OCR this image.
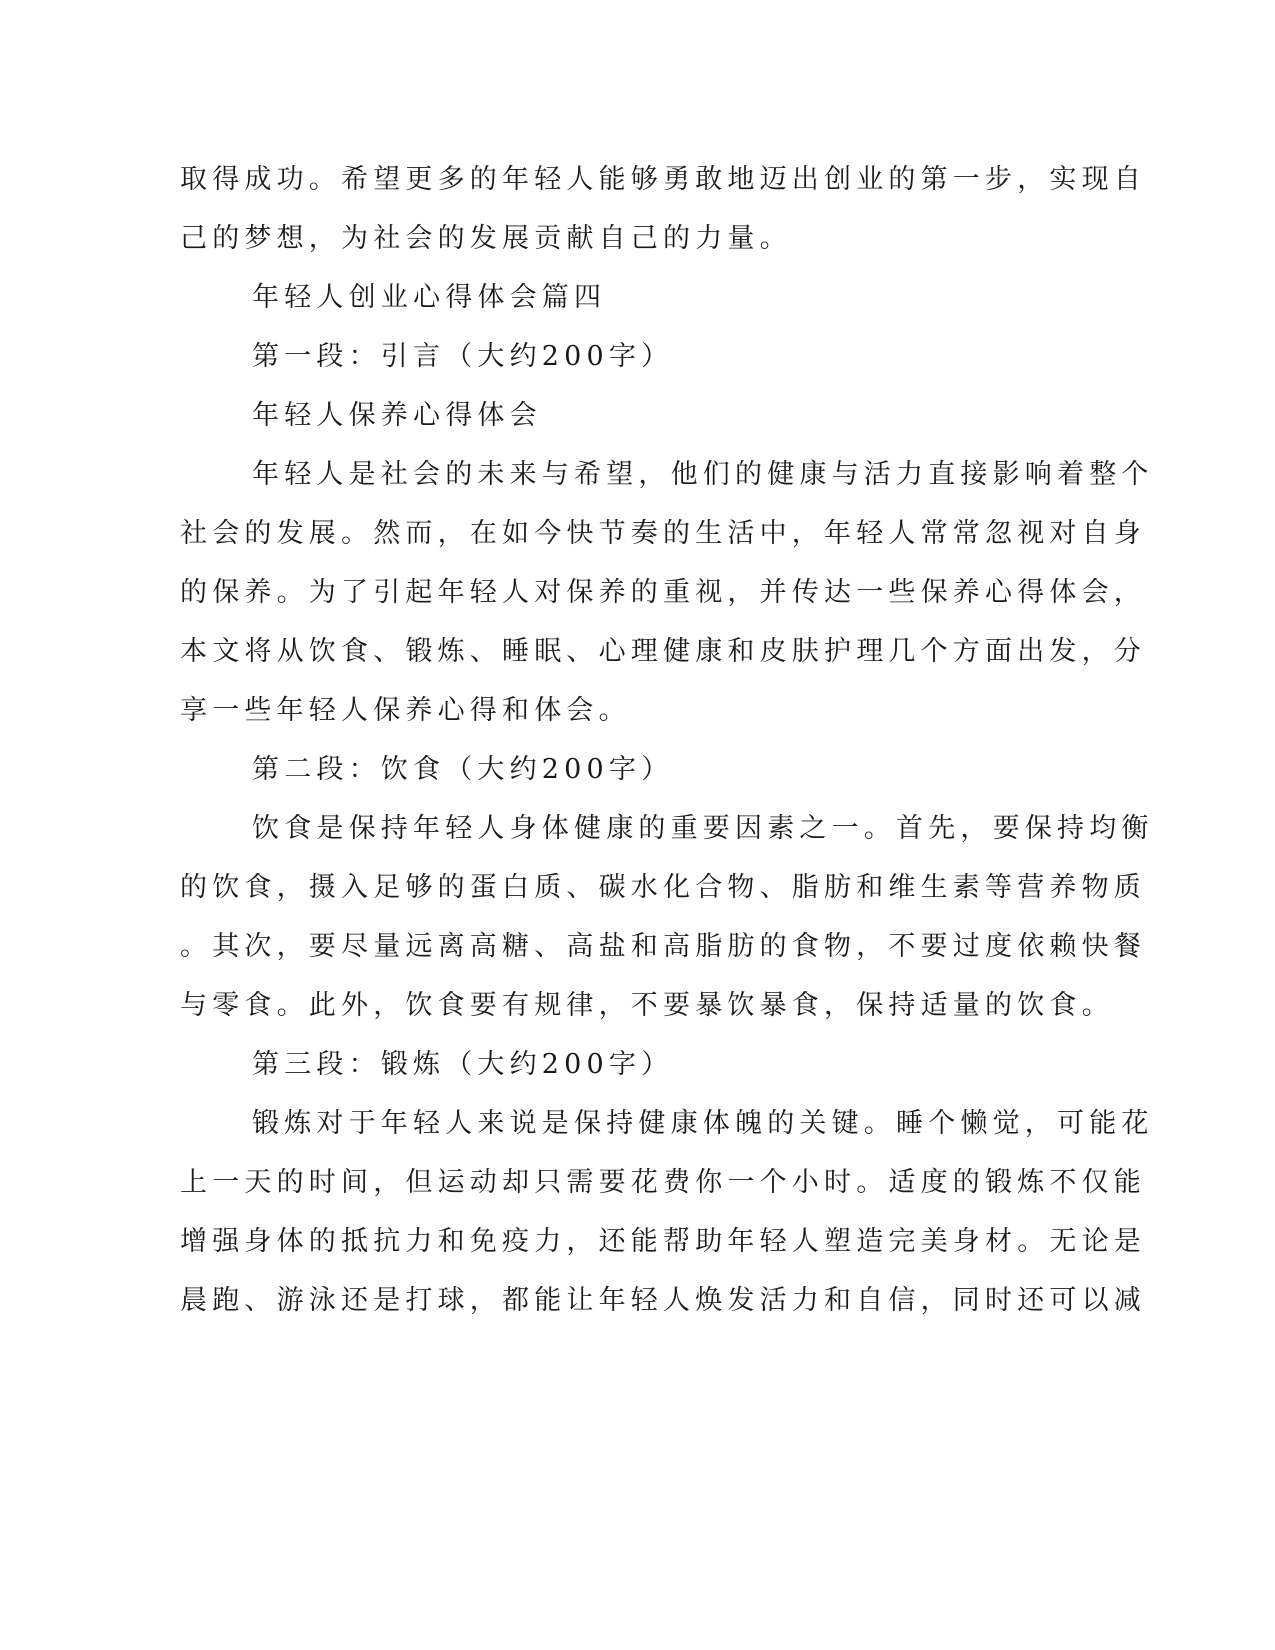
取得成功。希望更多的年轻人能够勇敢地迈出创业的第一步，实现自
己的梦想，为社会的发展贡献自己的力量。
年轻人创业心得体会篇四
第一段：引言（大约200字）
年轻人保养心得体会
年轻人是社会的未来与希望，他们的健康与活力直接影响着整个
社会的发展。然而，在如今快节奏的生活中，年轻人常常忽视对自身
的保养。为了引起年轻人对保养的重视，并传达一些保养心得体会，
本文将从饮食、锻炼、睡眠、心理健康和皮肤护理几个方面出发，分
享一些年轻人保养心得和体会。
第二段：饮食（大约200字）
饮食是保持年轻人身体健康的重要因素之一。首先，要保持均衡
的饮食，摄入足够的蛋白质、碳水化合物、脂肪和维生素等营养物质
。其次，要尽量远离高糖、高盐和高脂肪的食物，不要过度依赖快餐
与零食。此外，饮食要有规律，不要暴饮暴食，保持适量的饮食。
第三段：锻炼（大约200字）
锻炼对于年轻人来说是保持健康体魄的关键。睡个懒觉，可能花
上一天的时间，但运动却只需要花费你一个小时。适度的锻炼不仅能
增强身体的抵抗力和免疫力，还能帮助年轻人塑造完美身材。无论是
晨跑、游泳还是打球，都能让年轻人焕发活力和自信，同时还可以减
